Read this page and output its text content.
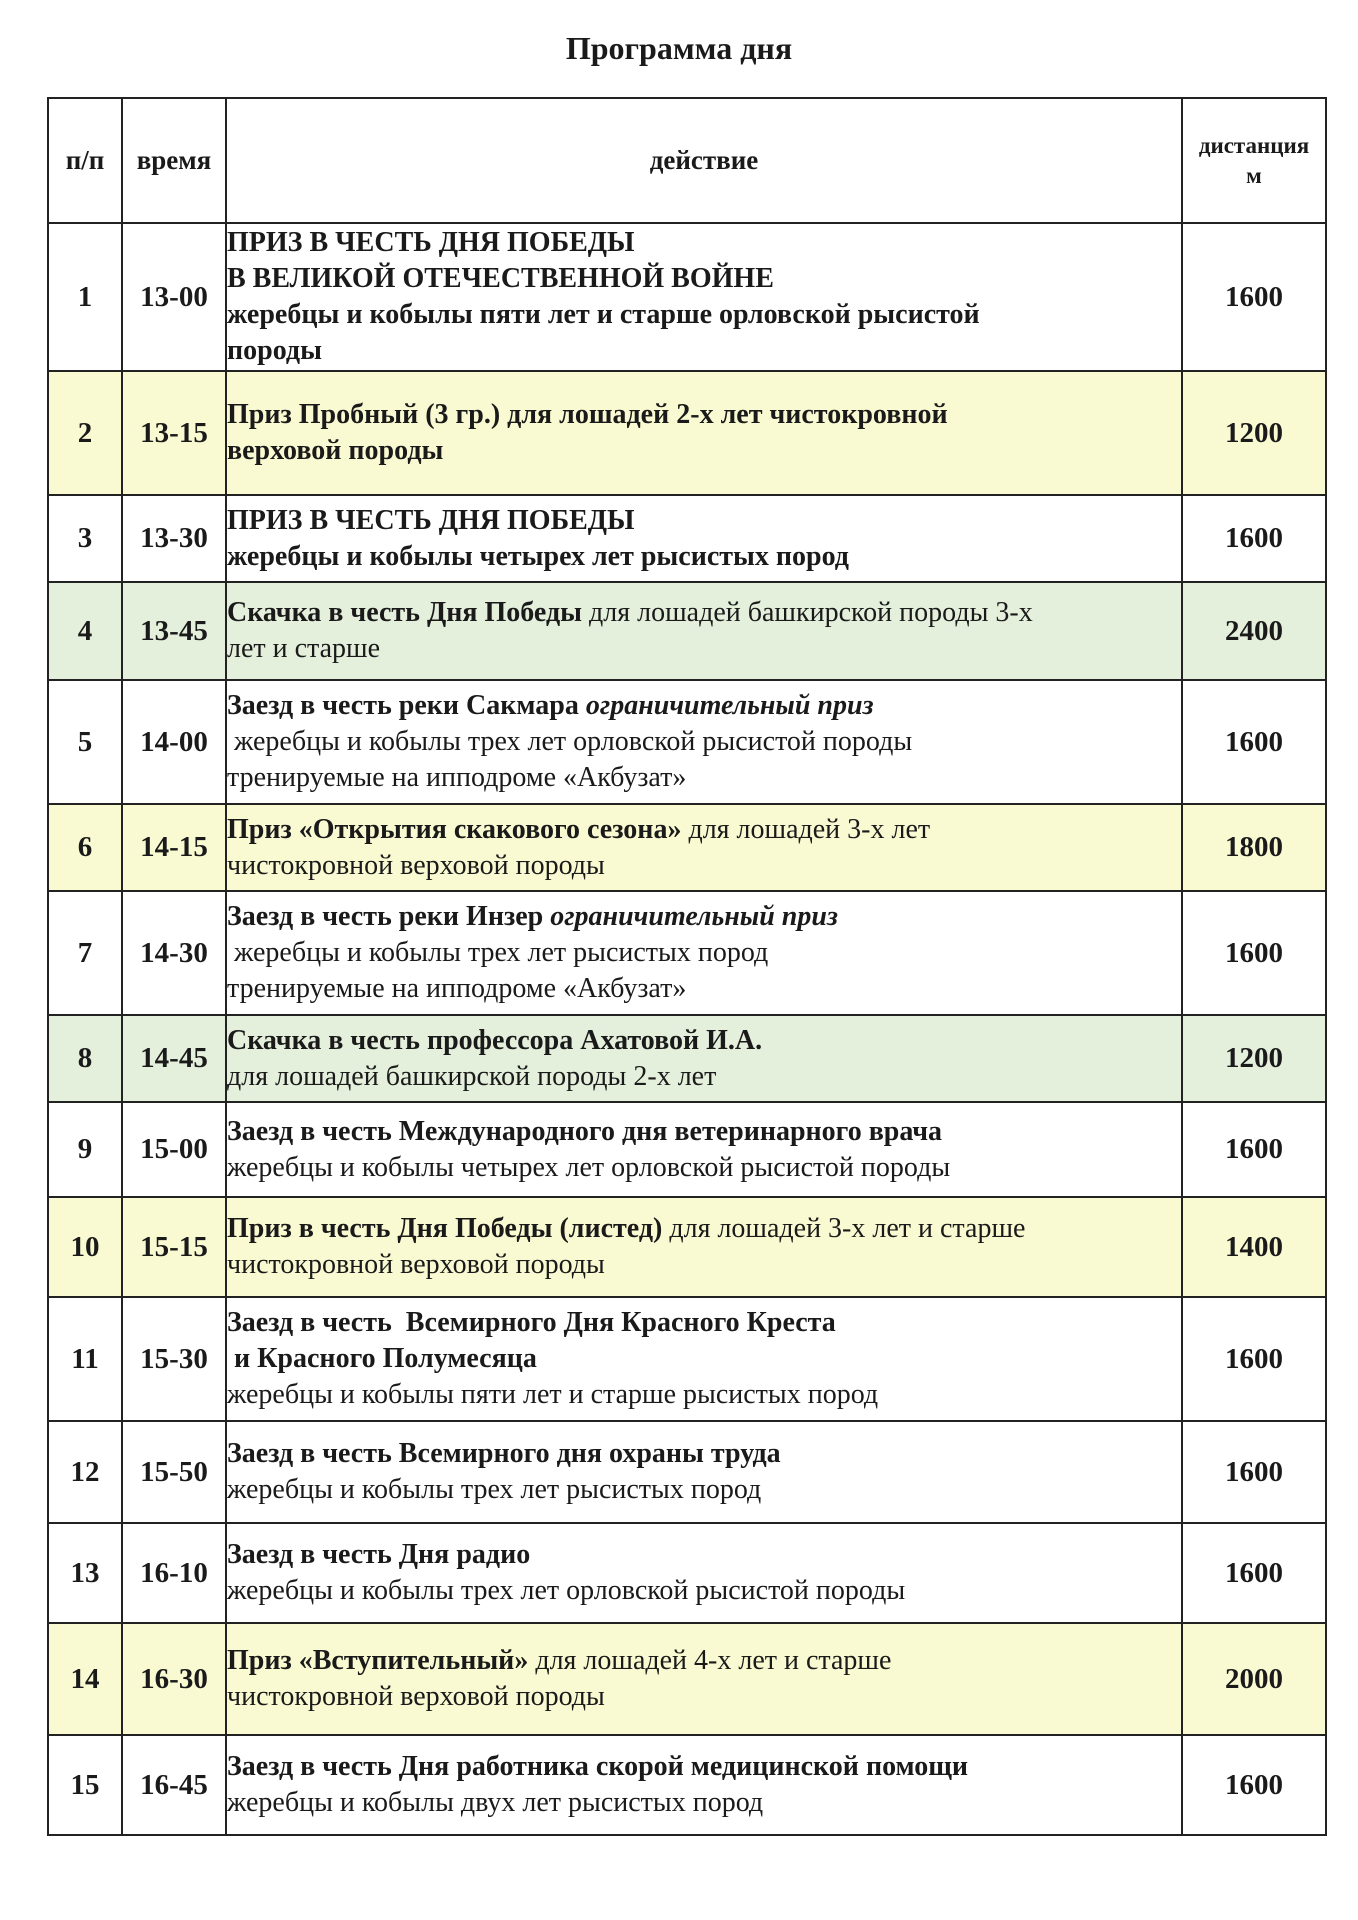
Программа дня
п/п	время	действие	дистанция
м

1	13-00	ПРИЗ В ЧЕСТЬ ДНЯ ПОБЕДЫ
В ВЕЛИКОЙ ОТЕЧЕСТВЕННОЙ ВОЙНЕ
жеребцы и кобылы пяти лет и старше орловской рысистой
породы	1600
2	13-15	Приз Пробный (3 гр.) для лошадей 2-х лет чистокровной
верховой породы	1200
3	13-30	ПРИЗ В ЧЕСТЬ ДНЯ ПОБЕДЫ
жеребцы и кобылы четырех лет рысистых пород	1600
4	13-45	Скачка в честь Дня Победы для лошадей башкирской породы 3-х
лет и старше	2400
5	14-00	Заезд в честь реки Сакмара ограничительный приз
жеребцы и кобылы трех лет орловской рысистой породы
тренируемые на ипподроме «Акбузат»	1600
6	14-15	Приз «Открытия скакового сезона» для лошадей 3-х лет
чистокровной верховой породы	1800
7	14-30	Заезд в честь реки Инзер ограничительный приз
жеребцы и кобылы трех лет рысистых пород
тренируемые на ипподроме «Акбузат»	1600
8	14-45	Скачка в честь профессора Ахатовой И.А.
для лошадей башкирской породы 2-х лет	1200
9	15-00	Заезд в честь Международного дня ветеринарного врача
жеребцы и кобылы четырех лет орловской рысистой породы	1600
10	15-15	Приз в честь Дня Победы (листед) для лошадей 3-х лет и старше
чистокровной верховой породы	1400
11	15-30	Заезд в честь  Всемирного Дня Красного Креста
и Красного Полумесяца
жеребцы и кобылы пяти лет и старше рысистых пород	1600
12	15-50	Заезд в честь Всемирного дня охраны труда
жеребцы и кобылы трех лет рысистых пород	1600
13	16-10	Заезд в честь Дня радио
жеребцы и кобылы трех лет орловской рысистой породы	1600
14	16-30	Приз «Вступительный» для лошадей 4-х лет и старше
чистокровной верховой породы	2000
15	16-45	Заезд в честь Дня работника скорой медицинской помощи
жеребцы и кобылы двух лет рысистых пород	1600
